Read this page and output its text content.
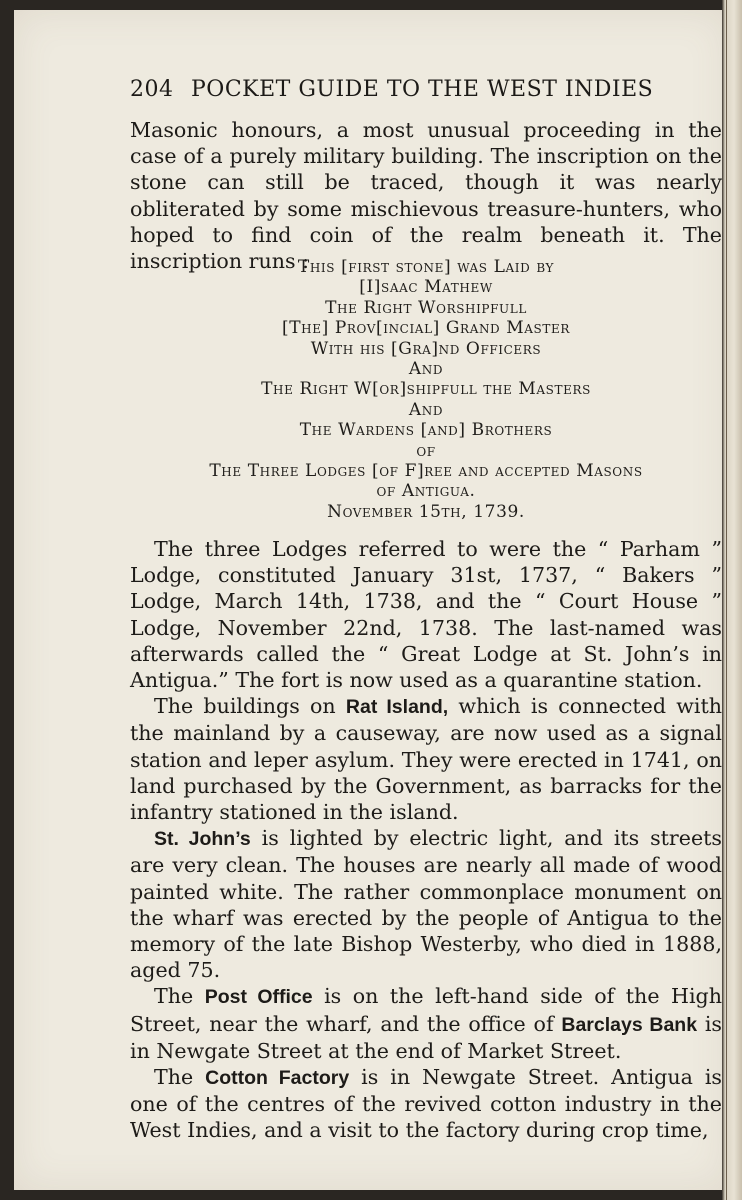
204 POCKET GUIDE TO THE WEST INDIES

Masonic honours, a most unusual proceeding in the case of a purely military building. The inscription on the stone can still be traced, though it was nearly obliterated by some mischievous treasure-hunters, who hoped to find coin of the realm beneath it. The inscription runs :

This [first stone] was Laid by
[I]saac Mathew
The Right Worshipfull
[The] Prov[incial] Grand Master
With his [Gra]nd Officers
And
The Right W[or]shipfull the Masters
And
The Wardens [and] Brothers
of
The Three Lodges [of F]ree and accepted Masons
of Antigua.
November 15th, 1739.

The three Lodges referred to were the “ Parham ” Lodge, constituted January 31st, 1737, “ Bakers ” Lodge, March 14th, 1738, and the “ Court House ” Lodge, November 22nd, 1738. The last-named was afterwards called the “ Great Lodge at St. John’s in Antigua.” The fort is now used as a quarantine station.

The buildings on Rat Island, which is connected with the mainland by a causeway, are now used as a signal station and leper asylum. They were erected in 1741, on land purchased by the Government, as barracks for the infantry stationed in the island.

St. John’s is lighted by electric light, and its streets are very clean. The houses are nearly all made of wood painted white. The rather commonplace monument on the wharf was erected by the people of Antigua to the memory of the late Bishop Westerby, who died in 1888, aged 75.

The Post Office is on the left-hand side of the High Street, near the wharf, and the office of Barclays Bank is in Newgate Street at the end of Market Street.

The Cotton Factory is in Newgate Street. Antigua is one of the centres of the revived cotton industry in the West Indies, and a visit to the factory during crop time,
